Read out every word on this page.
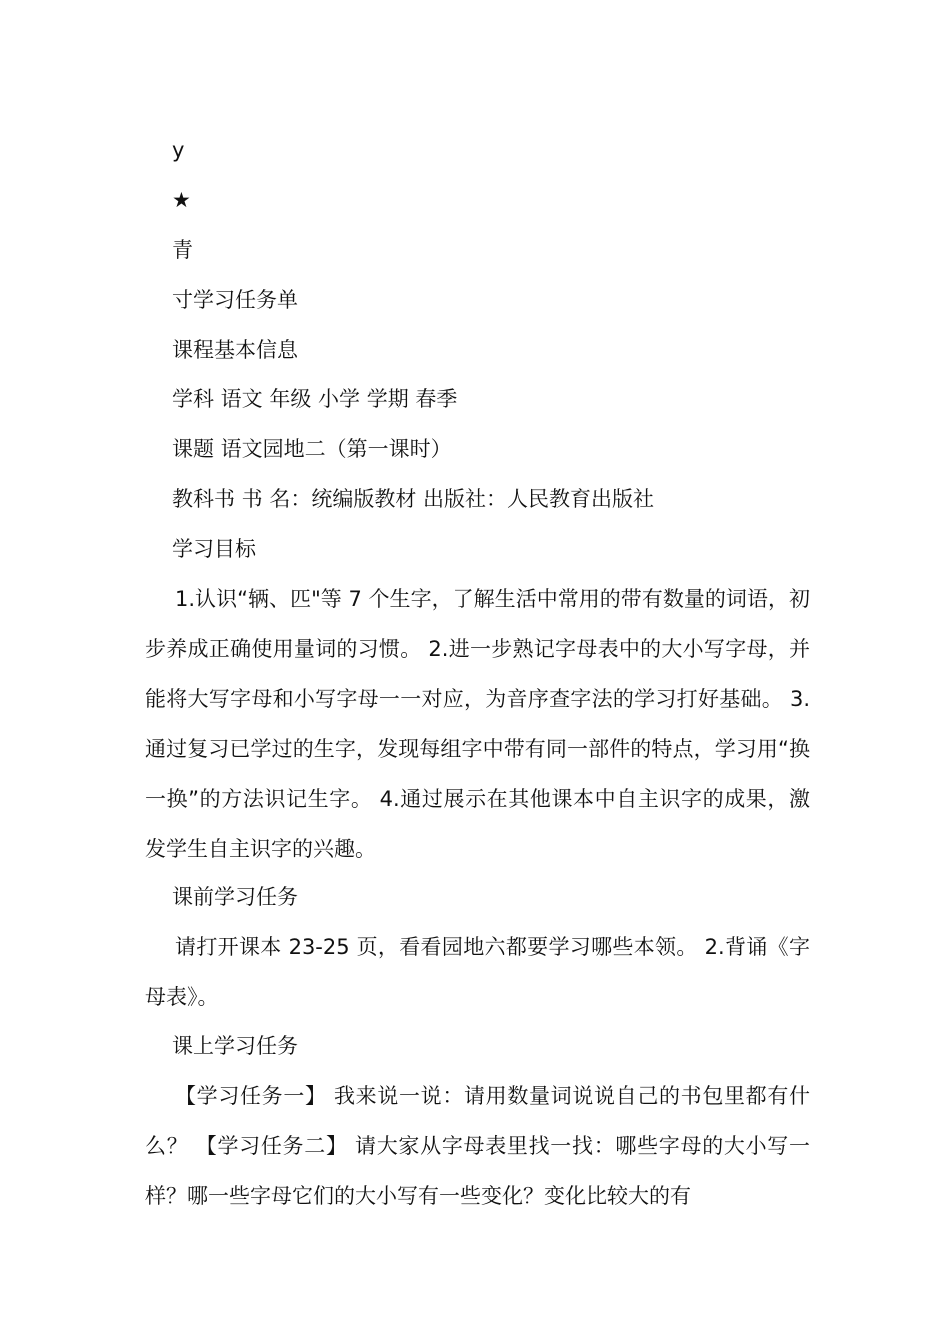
y
★
青
寸学习任务单
课程基本信息
学科 语文 年级 小学 学期 春季
课题 语文园地二（第一课时）
教科书 书 名：统编版教材 出版社：人民教育出版社
学习目标
1.认识“辆、匹"等 7 个生字，了解生活中常用的带有数量的词语，初步养成正确使用量词的习惯。 2.进一步熟记字母表中的大小写字母，并能将大写字母和小写字母一一对应，为音序查字法的学习打好基础。 3.通过复习已学过的生字，发现每组字中带有同一部件的特点，学习用“换一换”的方法识记生字。 4.通过展示在其他课本中自主识字的成果，激发学生自主识字的兴趣。
课前学习任务
请打开课本 23-25 页，看看园地六都要学习哪些本领。 2.背诵《字母表》。
课上学习任务
【学习任务一】 我来说一说：请用数量词说说自己的书包里都有什么？ 【学习任务二】 请大家从字母表里找一找：哪些字母的大小写一样？哪一些字母它们的大小写有一些变化？变化比较大的有
